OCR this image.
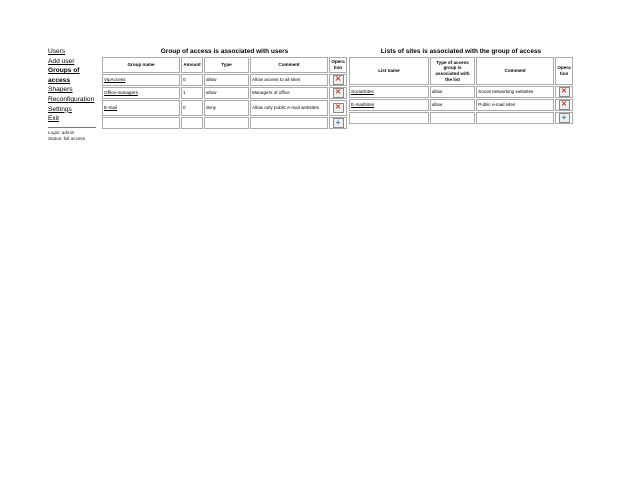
Users
Add user
Groups of access
Shapers
Reconfiguration
Settings
Exit
Login: admin
Status: full access
Group of access is associated with users
Group name	Amount	Type	Comment	Operation
VipAccess	0	allow	Allow access to all sites	✕
Office-managers	1	allow	Managers of office	✕
E-mail	0	deny	Allow only public e-mail websites	✕
				+
Lists of sites is associated with the group of access
List name	Type of access group is associated with the list	Comment	Operation
SocialSites	allow	Social networking websites	✕
E-mailSites	allow	Public e-mail sites	✕
			+
